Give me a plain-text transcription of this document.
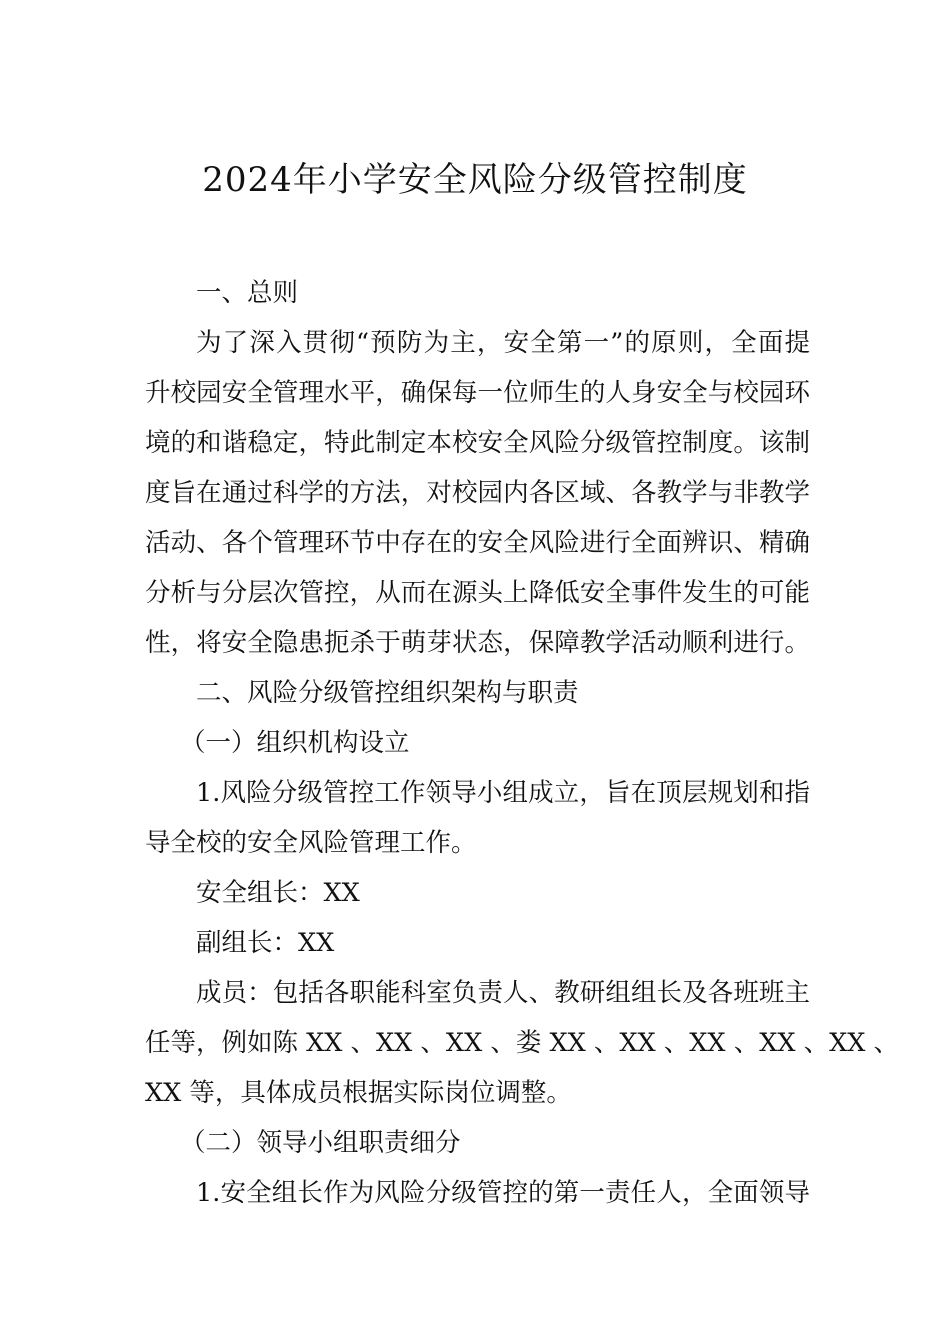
2024年小学安全风险分级管控制度
一、总则
为了深入贯彻“预防为主，安全第一”的原则，全面提
升校园安全管理水平，确保每一位师生的人身安全与校园环
境的和谐稳定，特此制定本校安全风险分级管控制度。该制
度旨在通过科学的方法，对校园内各区域、各教学与非教学
活动、各个管理环节中存在的安全风险进行全面辨识、精确
分析与分层次管控，从而在源头上降低安全事件发生的可能
性，将安全隐患扼杀于萌芽状态，保障教学活动顺利进行。
二、风险分级管控组织架构与职责
（一）组织机构设立
1.风险分级管控工作领导小组成立，旨在顶层规划和指
导全校的安全风险管理工作。
安全组长：XX
副组长：XX
成员：包括各职能科室负责人、教研组组长及各班班主
任等，例如陈 XX 、XX 、XX 、娄 XX 、XX 、XX 、XX 、XX 、
XX 等，具体成员根据实际岗位调整。
（二）领导小组职责细分
1.安全组长作为风险分级管控的第一责任人，全面领导
